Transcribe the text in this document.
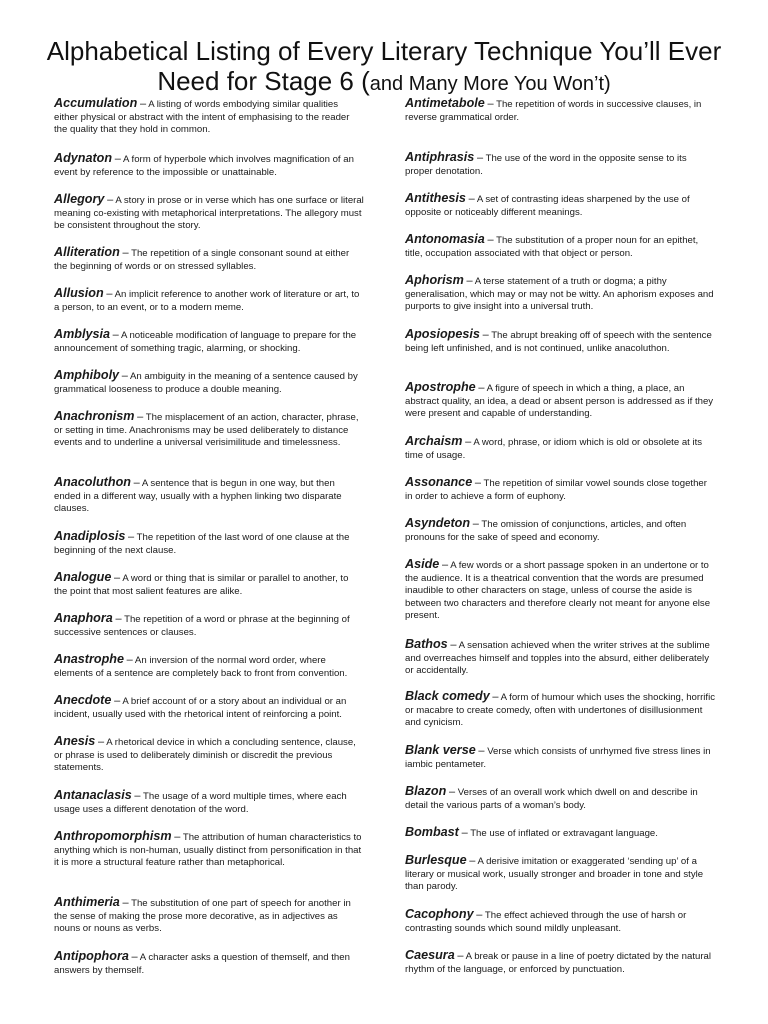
Alphabetical Listing of Every Literary Technique You’ll Ever Need for Stage 6 (and Many More You Won’t)
Accumulation – A listing of words embodying similar qualities either physical or abstract with the intent of emphasising to the reader the quality that they hold in common.
Adynaton – A form of hyperbole which involves magnification of an event by reference to the impossible or unattainable.
Allegory – A story in prose or in verse which has one surface or literal meaning co-existing with metaphorical interpretations. The allegory must be consistent throughout the story.
Alliteration – The repetition of a single consonant sound at either the beginning of words or on stressed syllables.
Allusion – An implicit reference to another work of literature or art, to a person, to an event, or to a modern meme.
Amblysia – A noticeable modification of language to prepare for the announcement of something tragic, alarming, or shocking.
Amphiboly – An ambiguity in the meaning of a sentence caused by grammatical looseness to produce a double meaning.
Anachronism – The misplacement of an action, character, phrase, or setting in time. Anachronisms may be used deliberately to distance events and to underline a universal verisimilitude and timelessness.
Anacoluthon – A sentence that is begun in one way, but then ended in a different way, usually with a hyphen linking two disparate clauses.
Anadiplosis – The repetition of the last word of one clause at the beginning of the next clause.
Analogue – A word or thing that is similar or parallel to another, to the point that most salient features are alike.
Anaphora – The repetition of a word or phrase at the beginning of successive sentences or clauses.
Anastrophe – An inversion of the normal word order, where elements of a sentence are completely back to front from convention.
Anecdote – A brief account of or a story about an individual or an incident, usually used with the rhetorical intent of reinforcing a point.
Anesis – A rhetorical device in which a concluding sentence, clause, or phrase is used to deliberately diminish or discredit the previous statements.
Antanaclasis – The usage of a word multiple times, where each usage uses a different denotation of the word.
Anthropomorphism – The attribution of human characteristics to anything which is non-human, usually distinct from personification in that it is more a structural feature rather than metaphorical.
Anthimeria – The substitution of one part of speech for another in the sense of making the prose more decorative, as in adjectives as nouns or nouns as verbs.
Antipophora – A character asks a question of themself, and then answers by themself.
Antimetabole – The repetition of words in successive clauses, in reverse grammatical order.
Antiphrasis – The use of the word in the opposite sense to its proper denotation.
Antithesis – A set of contrasting ideas sharpened by the use of opposite or noticeably different meanings.
Antonomasia – The substitution of a proper noun for an epithet, title, occupation associated with that object or person.
Aphorism – A terse statement of a truth or dogma; a pithy generalisation, which may or may not be witty. An aphorism exposes and purports to give insight into a universal truth.
Aposiopesis – The abrupt breaking off of speech with the sentence being left unfinished, and is not continued, unlike anacoluthon.
Apostrophe – A figure of speech in which a thing, a place, an abstract quality, an idea, a dead or absent person is addressed as if they were present and capable of understanding.
Archaism – A word, phrase, or idiom which is old or obsolete at its time of usage.
Assonance – The repetition of similar vowel sounds close together in order to achieve a form of euphony.
Asyndeton – The omission of conjunctions, articles, and often pronouns for the sake of speed and economy.
Aside – A few words or a short passage spoken in an undertone or to the audience. It is a theatrical convention that the words are presumed inaudible to other characters on stage, unless of course the aside is between two characters and therefore clearly not meant for anyone else present.
Bathos – A sensation achieved when the writer strives at the sublime and overreaches himself and topples into the absurd, either deliberately or accidentally.
Black comedy – A form of humour which uses the shocking, horrific or macabre to create comedy, often with undertones of disillusionment and cynicism.
Blank verse – Verse which consists of unrhymed five stress lines in iambic pentameter.
Blazon – Verses of an overall work which dwell on and describe in detail the various parts of a woman’s body.
Bombast – The use of inflated or extravagant language.
Burlesque – A derisive imitation or exaggerated ‘sending up’ of a literary or musical work, usually stronger and broader in tone and style than parody.
Cacophony – The effect achieved through the use of harsh or contrasting sounds which sound mildly unpleasant.
Caesura – A break or pause in a line of poetry dictated by the natural rhythm of the language, or enforced by punctuation.
